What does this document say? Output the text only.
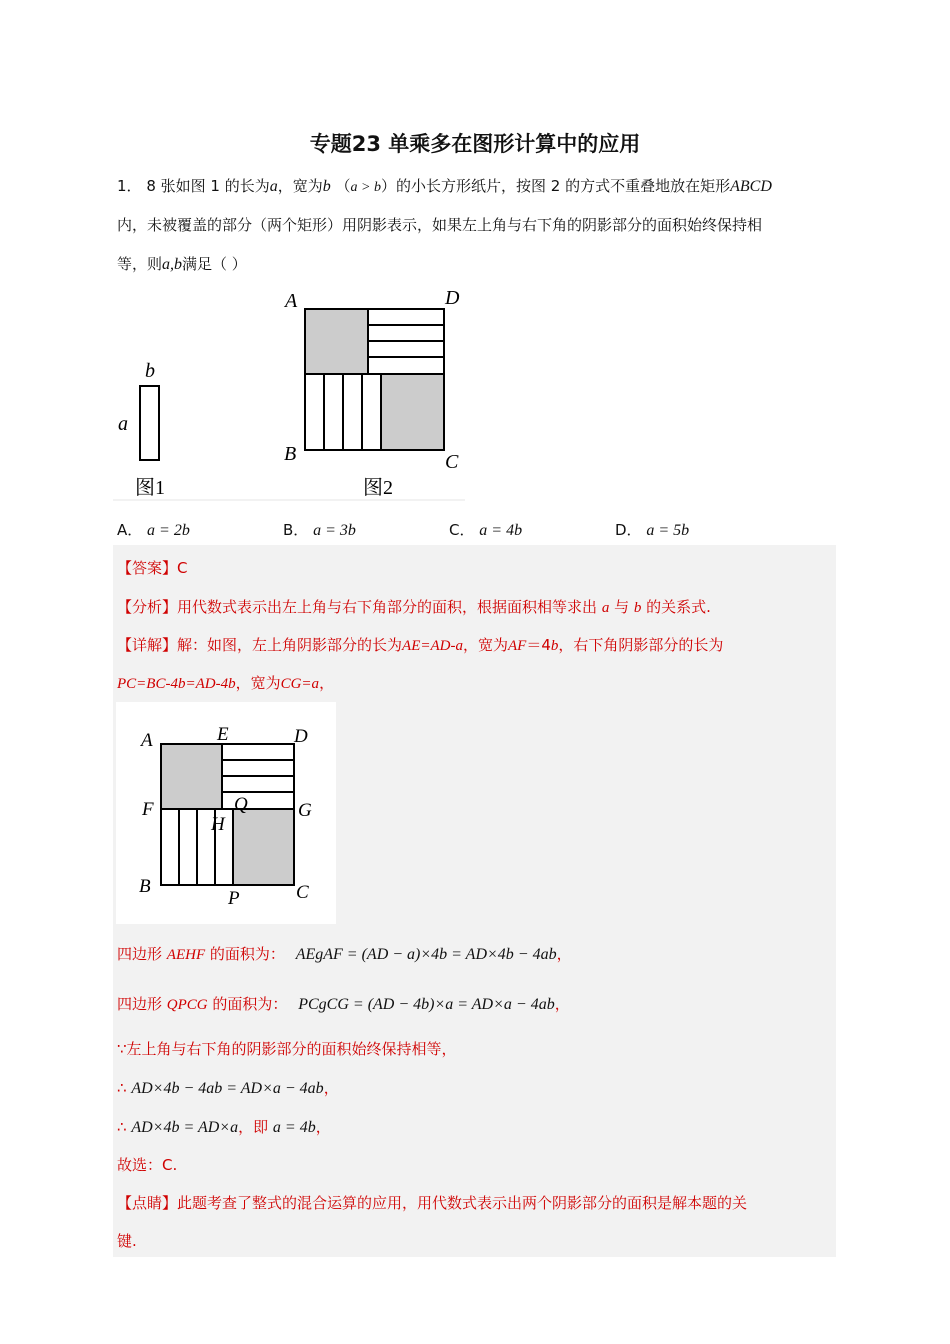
专题23 单乘多在图形计算中的应用
1． 8 张如图 1 的长为a，宽为b （a > b）的小长方形纸片，按图 2 的方式不重叠地放在矩形ABCD
内，未被覆盖的部分（两个矩形）用阴影表示，如果左上角与右下角的阴影部分的面积始终保持相
等，则a,b满足（ ）
b
a
图1
A	D
B	C
图2
A． a = 2b	B． a = 3b	C． a = 4b	D． a = 5b
【答案】C
【分析】用代数式表示出左上角与右下角部分的面积，根据面积相等求出 a 与 b 的关系式.
【详解】解：如图，左上角阴影部分的长为AE=AD-a，宽为AF＝4b，右下角阴影部分的长为
PC=BC-4b=AD-4b，宽为CG=a，
A	E	D
F	Q	G
H
B
P	C
四边形 AEHF 的面积为： AEgAF = (AD − a)×4b = AD×4b − 4ab，
四边形 QPCG 的面积为： PCgCG = (AD − 4b)×a = AD×a − 4ab，
∵左上角与右下角的阴影部分的面积始终保持相等，
∴ AD×4b − 4ab = AD×a − 4ab，
∴ AD×4b = AD×a，即 a = 4b，
故选：C.
【点睛】此题考查了整式的混合运算的应用，用代数式表示出两个阴影部分的面积是解本题的关
键.
